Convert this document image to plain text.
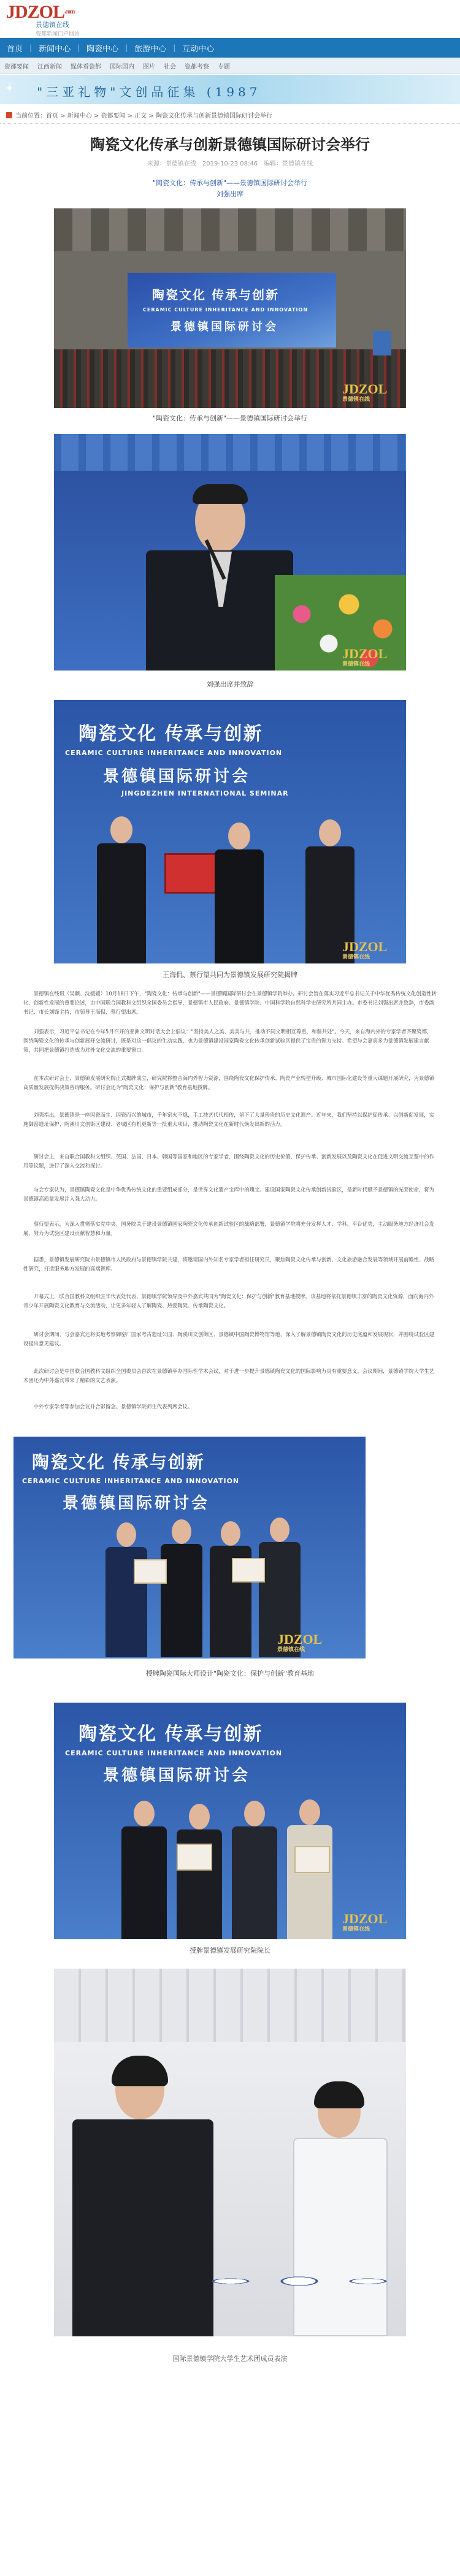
$JDZOL^{.com}$
景德镇在线
瓷都新闻门户网站
首页 | 新闻中心 | 陶瓷中心 | 旅游中心 | 互动中心
瓷都要闻	江西新闻	媒体看瓷都	国际国内	图片	社会	瓷都考察	专题
✦ "三亚礼物"文创品征集 (1987
当前位置：首页 > 新闻中心 > 瓷都要闻 > 正文 > 陶瓷文化传承与创新景德镇国际研讨会举行
陶瓷文化传承与创新景德镇国际研讨会举行
来源：景德镇在线　2019-10-23 08:46　编辑：景德镇在线
"陶瓷文化：传承与创新"——景德镇国际研讨会举行
刘强出席
陶瓷文化 传承与创新
CERAMIC CULTURE INHERITANCE AND INNOVATION
景德镇国际研讨会
JDZOL
景德镇在线
"陶瓷文化：传承与创新"——景德镇国际研讨会举行
JDZOL
景德镇在线
刘强出席并致辞
陶瓷文化 传承与创新
CERAMIC CULTURE INHERITANCE AND INNOVATION
景德镇国际研讨会
JINGDEZHEN INTERNATIONAL SEMINAR
JDZOL
景德镇在线
王海侃、蔡行望共同为景德镇发展研究院揭牌

景德镇在线讯（吴颖、沈媛媛）10月18日下午，"陶瓷文化：传承与创新"——景德镇国际研讨会在景德镇学院举办。研讨会旨在落实习近平总书记关于中华优秀传统文化创造性转化、创新性发展的重要论述，由中国联合国教科文组织全国委员会指导，景德镇市人民政府、景德镇学院、中国科学院自然科学史研究所共同主办。市委书记刘强出席并致辞，市委副书记、市长刘锋主持，市领导王海侃、蔡行望出席。

刘强表示，习近平总书记在今年5月召开的亚洲文明对话大会上倡议："坚持美人之美、美美与共，推动不同文明相互尊重、和谐共处"。今天，来自海内外的专家学者齐聚瓷都，围绕陶瓷文化的传承与创新展开交流研讨，既是对这一倡议的生动实践，也为景德镇建设国家陶瓷文化传承创新试验区提供了宝贵的智力支持。希望与会嘉宾多为景德镇发展建言献策，共同把景德镇打造成为对外文化交流的重要窗口。

在本次研讨会上，景德镇发展研究院正式揭牌成立，研究院将整合海内外智力资源，围绕陶瓷文化保护传承、陶瓷产业转型升级、城市国际化建设等重大课题开展研究，为景德镇高质量发展提供决策咨询服务。研讨会还为"陶瓷文化：保护与创新"教育基地授牌。

刘强指出，景德镇是一座因瓷而生、因瓷而兴的城市，千年窑火不熄，手工技艺代代相传，留下了大量珍贵的历史文化遗产。近年来，我们坚持以保护促传承、以创新促发展，实施御窑遗址保护、陶溪川文创街区建设、老城区有机更新等一批重大项目，推动陶瓷文化在新时代焕发出新的活力。

研讨会上，来自联合国教科文组织、英国、法国、日本、韩国等国家和地区的专家学者，围绕陶瓷文化的历史价值、保护传承、创新发展以及陶瓷文化在促进文明交流互鉴中的作用等议题，进行了深入交流和探讨。

与会专家认为，景德镇陶瓷文化是中华优秀传统文化的重要组成部分，是世界文化遗产宝库中的瑰宝。建设国家陶瓷文化传承创新试验区，是新时代赋予景德镇的光荣使命，将为景德镇高质量发展注入强大动力。

蔡行望表示，为深入贯彻落实党中央、国务院关于建设景德镇国家陶瓷文化传承创新试验区的战略部署，景德镇学院将充分发挥人才、学科、平台优势，主动服务地方经济社会发展，努力为试验区建设贡献智慧和力量。

据悉，景德镇发展研究院由景德镇市人民政府与景德镇学院共建，将邀请国内外知名专家学者担任研究员，聚焦陶瓷文化传承与创新、文化旅游融合发展等领域开展前瞻性、战略性研究，打造服务地方发展的高端智库。

开幕式上，联合国教科文组织驻华代表处代表、景德镇学院领导及中外嘉宾共同为"陶瓷文化：保护与创新"教育基地授牌。该基地将依托景德镇丰富的陶瓷文化资源，面向海内外青少年开展陶瓷文化教育与交流活动，让更多年轻人了解陶瓷、热爱陶瓷、传承陶瓷文化。

研讨会期间，与会嘉宾还将实地考察御窑厂国家考古遗址公园、陶溪川文创街区、景德镇中国陶瓷博物馆等地，深入了解景德镇陶瓷文化的历史底蕴和发展现状，并围绕试验区建设提出意见建议。

此次研讨会是中国联合国教科文组织全国委员会首次在景德镇举办国际性学术会议，对于进一步提升景德镇陶瓷文化的国际影响力具有重要意义。会议期间，景德镇学院大学生艺术团还为中外嘉宾带来了精彩的文艺表演。

中外专家学者等参加会议并合影留念。景德镇学院师生代表列席会议。

陶瓷文化 传承与创新
CERAMIC CULTURE INHERITANCE AND INNOVATION
景德镇国际研讨会
JDZOL
景德镇在线
授牌陶瓷国际大师设计"陶瓷文化：保护与创新"教育基地
陶瓷文化 传承与创新
CERAMIC CULTURE INHERITANCE AND INNOVATION
景德镇国际研讨会
JDZOL
景德镇在线
授牌景德镇发展研究院院长
国际景德镇学院大学生艺术团成员表演
